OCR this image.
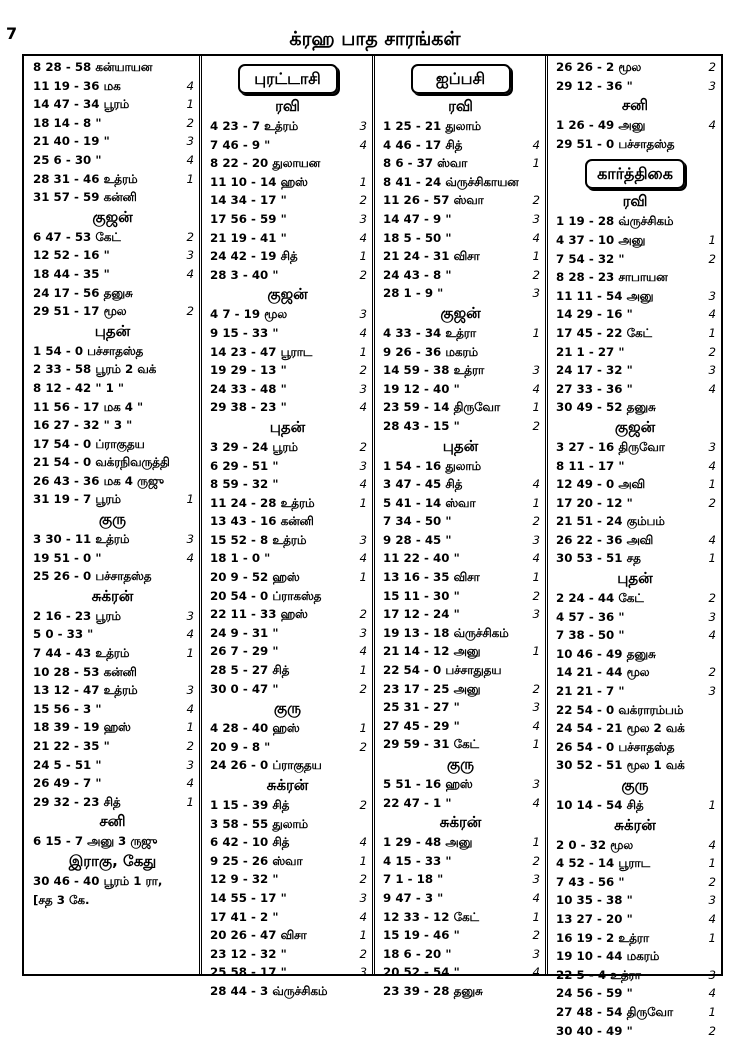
7	க்ரஹ பாத சாரங்கள்
8 28 - 58 கன்யாயன
11 19 - 36 மக	4
14 47 - 34 பூரம்	1
18 14 - 8 "	2
21 40 - 19 "	3
25 6 - 30 "	4
28 31 - 46 உத்ரம்	1
31 57 - 59 கன்னி
குஜன்
6 47 - 53 கேட்	2
12 52 - 16 "	3
18 44 - 35 "	4
24 17 - 56 தனுசு
29 51 - 17 மூல	2
புதன்
1 54 - 0 பச்சாதஸ்த
2 33 - 58 பூரம் 2 வக்
8 12 - 42 " 1 "
11 56 - 17 மக 4 "
16 27 - 32 " 3 "
17 54 - 0 ப்ராகுதய
21 54 - 0 வக்ரநிவருத்தி
26 43 - 36 மக 4 ருஜு
31 19 - 7 பூரம்	1
குரு
3 30 - 11 உத்ரம்	3
19 51 - 0 "	4
25 26 - 0 பச்சாதஸ்த
சுக்ரன்
2 16 - 23 பூரம்	3
5 0 - 33 "	4
7 44 - 43 உத்ரம்	1
10 28 - 53 கன்னி
13 12 - 47 உத்ரம்	3
15 56 - 3 "	4
18 39 - 19 ஹஸ்	1
21 22 - 35 "	2
24 5 - 51 "	3
26 49 - 7 "	4
29 32 - 23 சித்	1
சனி
6 15 - 7 அனு 3 ருஜு
இராகு, கேது
30 46 - 40 பூரம் 1 ரா,
[சத 3 கே.
புரட்டாசி
ரவி
4 23 - 7 உத்ரம்	3
7 46 - 9 "	4
8 22 - 20 துலாயன
11 10 - 14 ஹஸ்	1
14 34 - 17 "	2
17 56 - 59 "	3
21 19 - 41 "	4
24 42 - 19 சித்	1
28 3 - 40 "	2
குஜன்
4 7 - 19 மூல	3
9 15 - 33 "	4
14 23 - 47 பூராட	1
19 29 - 13 "	2
24 33 - 48 "	3
29 38 - 23 "	4
புதன்
3 29 - 24 பூரம்	2
6 29 - 51 "	3
8 59 - 32 "	4
11 24 - 28 உத்ரம்	1
13 43 - 16 கன்னி
15 52 - 8 உத்ரம்	3
18 1 - 0 "	4
20 9 - 52 ஹஸ்	1
20 54 - 0 ப்ராகஸ்த
22 11 - 33 ஹஸ்	2
24 9 - 31 "	3
26 7 - 29 "	4
28 5 - 27 சித்	1
30 0 - 47 "	2
குரு
4 28 - 40 ஹஸ்	1
20 9 - 8 "	2
24 26 - 0 ப்ராகுதய
சுக்ரன்
1 15 - 39 சித்	2
3 58 - 55 துலாம்
6 42 - 10 சித்	4
9 25 - 26 ஸ்வா	1
12 9 - 32 "	2
14 55 - 17 "	3
17 41 - 2 "	4
20 26 - 47 விசா	1
23 12 - 32 "	2
25 58 - 17 "	3
28 44 - 3 வ்ருச்சிகம்
ஐப்பசி
ரவி
1 25 - 21 துலாம்
4 46 - 17 சித்	4
8 6 - 37 ஸ்வா	1
8 41 - 24 வ்ருச்சிகாயன
11 26 - 57 ஸ்வா	2
14 47 - 9 "	3
18 5 - 50 "	4
21 24 - 31 விசா	1
24 43 - 8 "	2
28 1 - 9 "	3
குஜன்
4 33 - 34 உத்ரா	1
9 26 - 36 மகரம்
14 59 - 38 உத்ரா	3
19 12 - 40 "	4
23 59 - 14 திருவோ	1
28 43 - 15 "	2
புதன்
1 54 - 16 துலாம்
3 47 - 45 சித்	4
5 41 - 14 ஸ்வா	1
7 34 - 50 "	2
9 28 - 45 "	3
11 22 - 40 "	4
13 16 - 35 விசா	1
15 11 - 30 "	2
17 12 - 24 "	3
19 13 - 18 வ்ருச்சிகம்
21 14 - 12 அனு	1
22 54 - 0 பச்சாதுதய
23 17 - 25 அனு	2
25 31 - 27 "	3
27 45 - 29 "	4
29 59 - 31 கேட்	1
குரு
5 51 - 16 ஹஸ்	3
22 47 - 1 "	4
சுக்ரன்
1 29 - 48 அனு	1
4 15 - 33 "	2
7 1 - 18 "	3
9 47 - 3 "	4
12 33 - 12 கேட்	1
15 19 - 46 "	2
18 6 - 20 "	3
20 52 - 54 "	4
23 39 - 28 தனுசு
26 26 - 2 மூல	2
29 12 - 36 "	3
சனி
1 26 - 49 அனு	4
29 51 - 0 பச்சாதஸ்த
கார்த்திகை
ரவி
1 19 - 28 வ்ருச்சிகம்
4 37 - 10 அனு	1
7 54 - 32 "	2
8 28 - 23 சாபாயன
11 11 - 54 அனு	3
14 29 - 16 "	4
17 45 - 22 கேட்	1
21 1 - 27 "	2
24 17 - 32 "	3
27 33 - 36 "	4
30 49 - 52 தனுசு
குஜன்
3 27 - 16 திருவோ	3
8 11 - 17 "	4
12 49 - 0 அவி	1
17 20 - 12 "	2
21 51 - 24 கும்பம்
26 22 - 36 அவி	4
30 53 - 51 சத	1
புதன்
2 24 - 44 கேட்	2
4 57 - 36 "	3
7 38 - 50 "	4
10 46 - 49 தனுசு
14 21 - 44 மூல	2
21 21 - 7 "	3
22 54 - 0 வக்ராரம்பம்
24 54 - 21 மூல 2 வக்
26 54 - 0 பச்சாதஸ்த
30 52 - 51 மூல 1 வக்
குரு
10 14 - 54 சித்	1
சுக்ரன்
2 0 - 32 மூல	4
4 52 - 14 பூராட	1
7 43 - 56 "	2
10 35 - 38 "	3
13 27 - 20 "	4
16 19 - 2 உத்ரா	1
19 10 - 44 மகரம்
22 5 - 4 உத்ரா	3
24 56 - 59 "	4
27 48 - 54 திருவோ	1
30 40 - 49 "	2
